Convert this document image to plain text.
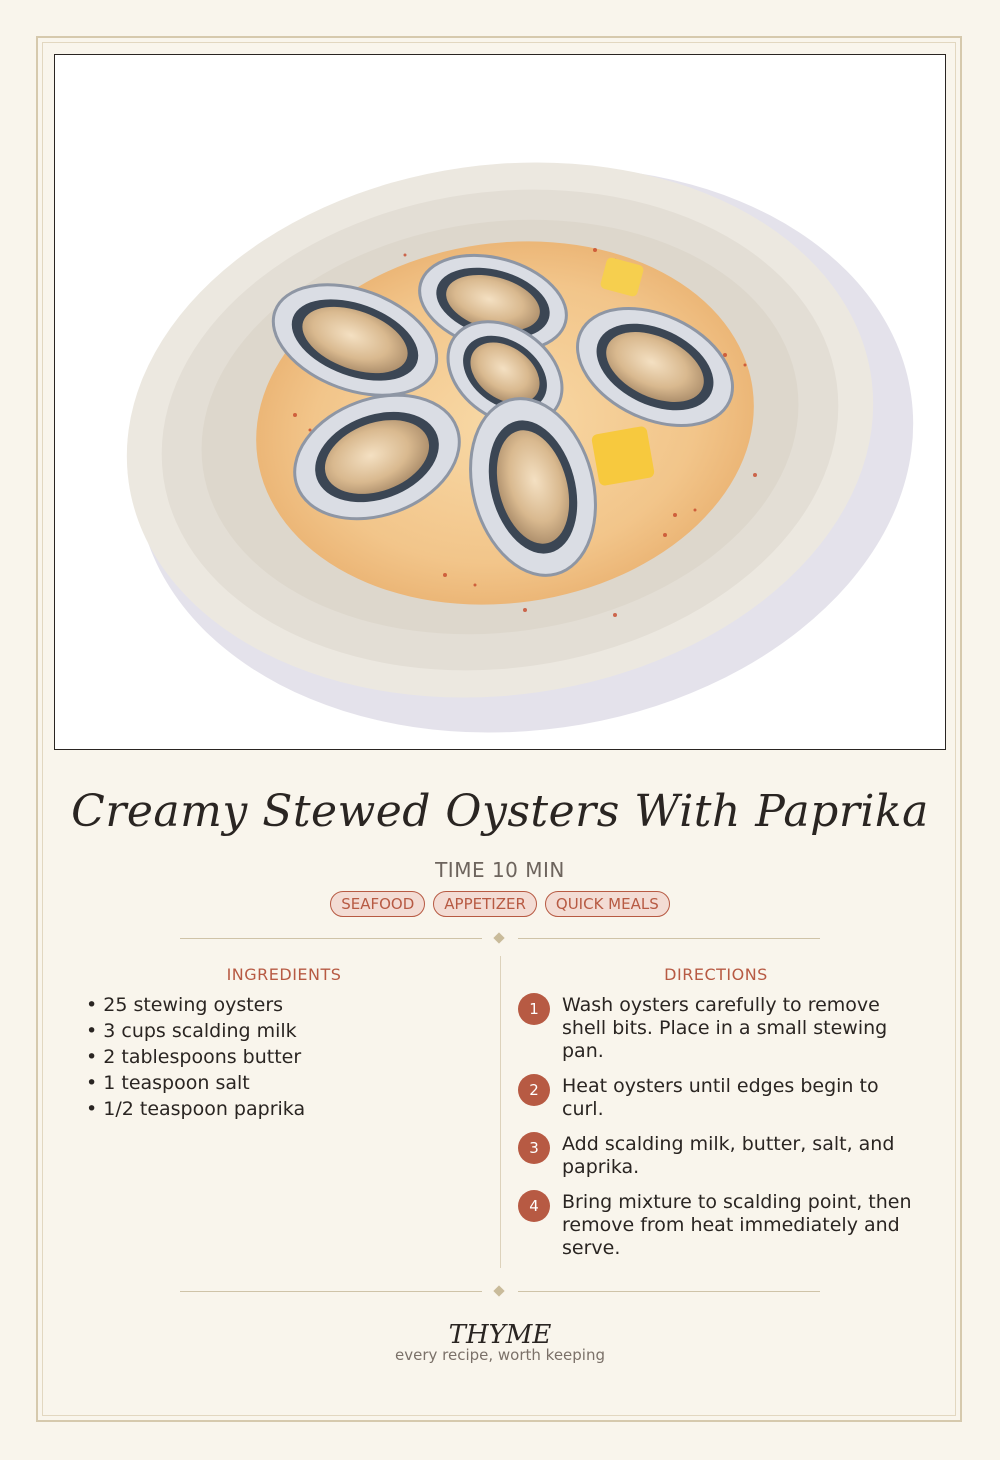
Creamy Stewed Oysters With Paprika
TIME 10 MIN
SEAFOOD	APPETIZER	QUICK MEALS
INGREDIENTS
• 25 stewing oysters
• 3 cups scalding milk
• 2 tablespoons butter
• 1 teaspoon salt
• 1/2 teaspoon paprika
DIRECTIONS
1	Wash oysters carefully to remove shell bits. Place in a small stewing pan.
2	Heat oysters until edges begin to curl.
3	Add scalding milk, butter, salt, and paprika.
4	Bring mixture to scalding point, then remove from heat immediately and serve.
THYME
every recipe, worth keeping
